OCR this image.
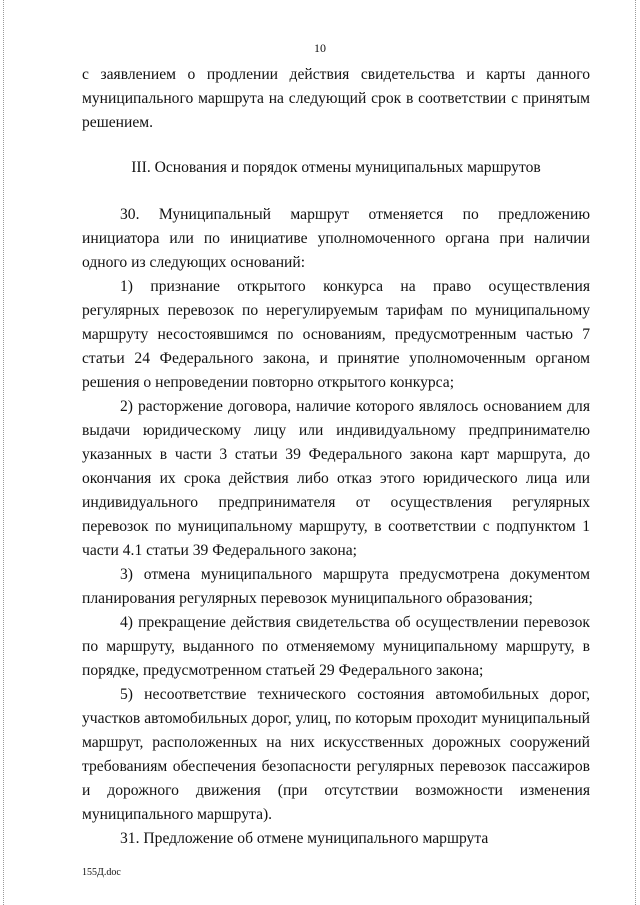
10

с заявлением о продлении действия свидетельства и карты данного муниципального маршрута на следующий срок в соответствии с принятым решением.

III. Основания и порядок отмены муниципальных маршрутов

30. Муниципальный маршрут отменяется по предложению инициатора или по инициативе уполномоченного органа при наличии одного из следующих оснований:

1) признание открытого конкурса на право осуществления регулярных перевозок по нерегулируемым тарифам по муниципальному маршруту несостоявшимся по основаниям, предусмотренным частью 7 статьи 24 Федерального закона, и принятие уполномоченным органом решения о непроведении повторно открытого конкурса;

2) расторжение договора, наличие которого являлось основанием для выдачи юридическому лицу или индивидуальному предпринимателю указанных в части 3 статьи 39 Федерального закона карт маршрута, до окончания их срока действия либо отказ этого юридического лица или индивидуального предпринимателя от осуществления регулярных перевозок по муниципальному маршруту, в соответствии с подпунктом 1 части 4.1 статьи 39 Федерального закона;

3) отмена муниципального маршрута предусмотрена документом планирования регулярных перевозок муниципального образования;

4) прекращение действия свидетельства об осуществлении перевозок по маршруту, выданного по отменяемому муниципальному маршруту, в порядке, предусмотренном статьей 29 Федерального закона;

5) несоответствие технического состояния автомобильных дорог, участков автомобильных дорог, улиц, по которым проходит муниципальный маршрут, расположенных на них искусственных дорожных сооружений требованиям обеспечения безопасности регулярных перевозок пассажиров и дорожного движения (при отсутствии возможности изменения муниципального маршрута).

31. Предложение об отмене муниципального маршрута

155Д.doc
